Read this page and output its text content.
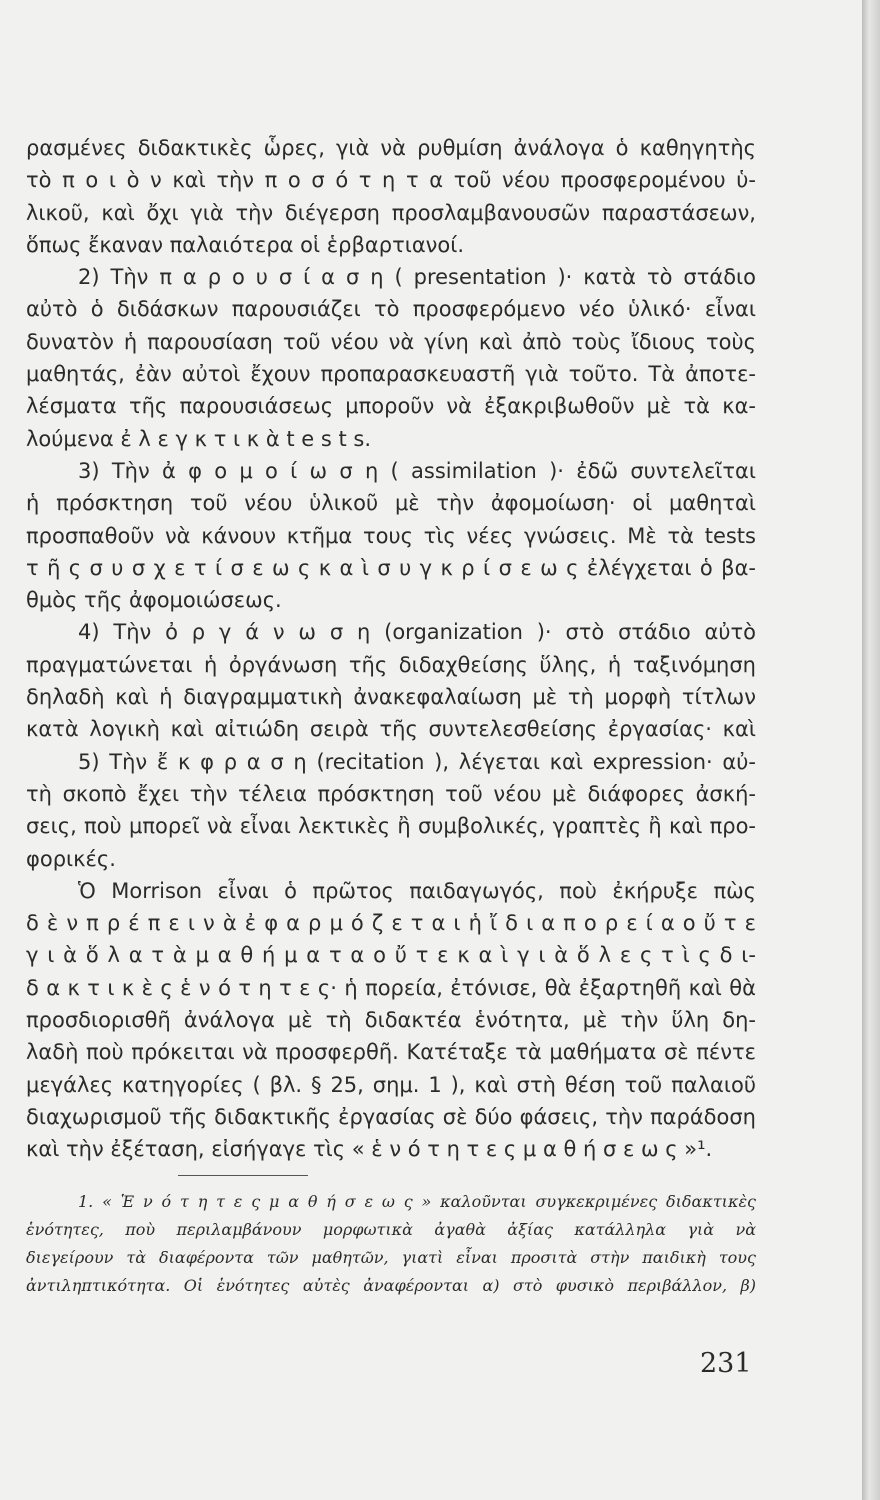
ρασμένες διδακτικὲς ὧρες, γιὰ νὰ ρυθμίση ἀνάλογα ὁ καθηγητὴς
τὸ π ο ι ὸ ν καὶ τὴν π ο σ ό τ η τ α τοῦ νέου προσφερομένου ὑ-
λικοῦ, καὶ ὄχι γιὰ τὴν διέγερση προσλαμβανουσῶν παραστάσεων,
ὅπως ἔκαναν παλαιότερα οἱ ἑρβαρτιανοί.
2) Τὴν π α ρ ο υ σ ί α σ η ( presentation )· κατὰ τὸ στάδιο
αὐτὸ ὁ διδάσκων παρουσιάζει τὸ προσφερόμενο νέο ὑλικό· εἶναι
δυνατὸν ἡ παρουσίαση τοῦ νέου νὰ γίνη καὶ ἀπὸ τοὺς ἴδιους τοὺς
μαθητάς, ἐὰν αὐτοὶ ἔχουν προπαρασκευαστῆ γιὰ τοῦτο. Τὰ ἀποτε-
λέσματα τῆς παρουσιάσεως μποροῦν νὰ ἐξακριβωθοῦν μὲ τὰ κα-
λούμενα ἐ λ ε γ κ τ ι κ ὰ t e s t s.
3) Τὴν ἀ φ ο μ ο ί ω σ η ( assimilation )· ἐδῶ συντελεῖται
ἡ πρόσκτηση τοῦ νέου ὑλικοῦ μὲ τὴν ἀφομοίωση· οἱ μαθηταὶ
προσπαθοῦν νὰ κάνουν κτῆμα τους τὶς νέες γνώσεις. Μὲ τὰ tests
τ ῆ ς σ υ σ χ ε τ ί σ ε ω ς κ α ὶ σ υ γ κ ρ ί σ ε ω ς ἐλέγχεται ὁ βα-
θμὸς τῆς ἀφομοιώσεως.
4) Τὴν ὀ ρ γ ά ν ω σ η (organization )· στὸ στάδιο αὐτὸ
πραγματώνεται ἡ ὀργάνωση τῆς διδαχθείσης ὕλης, ἡ ταξινόμηση
δηλαδὴ καὶ ἡ διαγραμματικὴ ἀνακεφαλαίωση μὲ τὴ μορφὴ τίτλων
κατὰ λογικὴ καὶ αἰτιώδη σειρὰ τῆς συντελεσθείσης ἐργασίας· καὶ
5) Τὴν ἔ κ φ ρ α σ η (recitation ), λέγεται καὶ expression· αὐ-
τὴ σκοπὸ ἔχει τὴν τέλεια πρόσκτηση τοῦ νέου μὲ διάφορες ἀσκή-
σεις, ποὺ μπορεῖ νὰ εἶναι λεκτικὲς ἢ συμβολικές, γραπτὲς ἢ καὶ προ-
φορικές.
Ὁ Morrison εἶναι ὁ πρῶτος παιδαγωγός, ποὺ ἐκήρυξε πὼς
δ ὲ ν π ρ έ π ε ι ν ὰ ἐ φ α ρ μ ό ζ ε τ α ι ἡ ἴ δ ι α π ο ρ ε ί α ο ὔ τ ε
γ ι ὰ ὅ λ α τ ὰ μ α θ ή μ α τ α ο ὔ τ ε κ α ὶ γ ι ὰ ὅ λ ε ς τ ὶ ς δ ι-
δ α κ τ ι κ ὲ ς ἑ ν ό τ η τ ε ς· ἡ πορεία, ἐτόνισε, θὰ ἐξαρτηθῆ καὶ θὰ
προσδιορισθῆ ἀνάλογα μὲ τὴ διδακτέα ἑνότητα, μὲ τὴν ὕλη δη-
λαδὴ ποὺ πρόκειται νὰ προσφερθῆ. Κατέταξε τὰ μαθήματα σὲ πέντε
μεγάλες κατηγορίες ( βλ. § 25, σημ. 1 ), καὶ στὴ θέση τοῦ παλαιοῦ
διαχωρισμοῦ τῆς διδακτικῆς ἐργασίας σὲ δύο φάσεις, τὴν παράδοση
καὶ τὴν ἐξέταση, εἰσήγαγε τὶς « ἑ ν ό τ η τ ε ς μ α θ ή σ ε ω ς »¹.
1. « Ἑ ν ό τ η τ ε ς μ α θ ή σ ε ω ς » καλοῦνται συγκεκριμένες διδακτικὲς
ἑνότητες, ποὺ περιλαμβάνουν μορφωτικὰ ἀγαθὰ ἀξίας κατάλληλα γιὰ νὰ
διεγείρουν τὰ διαφέροντα τῶν μαθητῶν, γιατὶ εἶναι προσιτὰ στὴν παιδικὴ τους
ἀντιληπτικότητα. Οἱ ἑνότητες αὐτὲς ἀναφέρονται α) στὸ φυσικὸ περιβάλλον, β)
231
